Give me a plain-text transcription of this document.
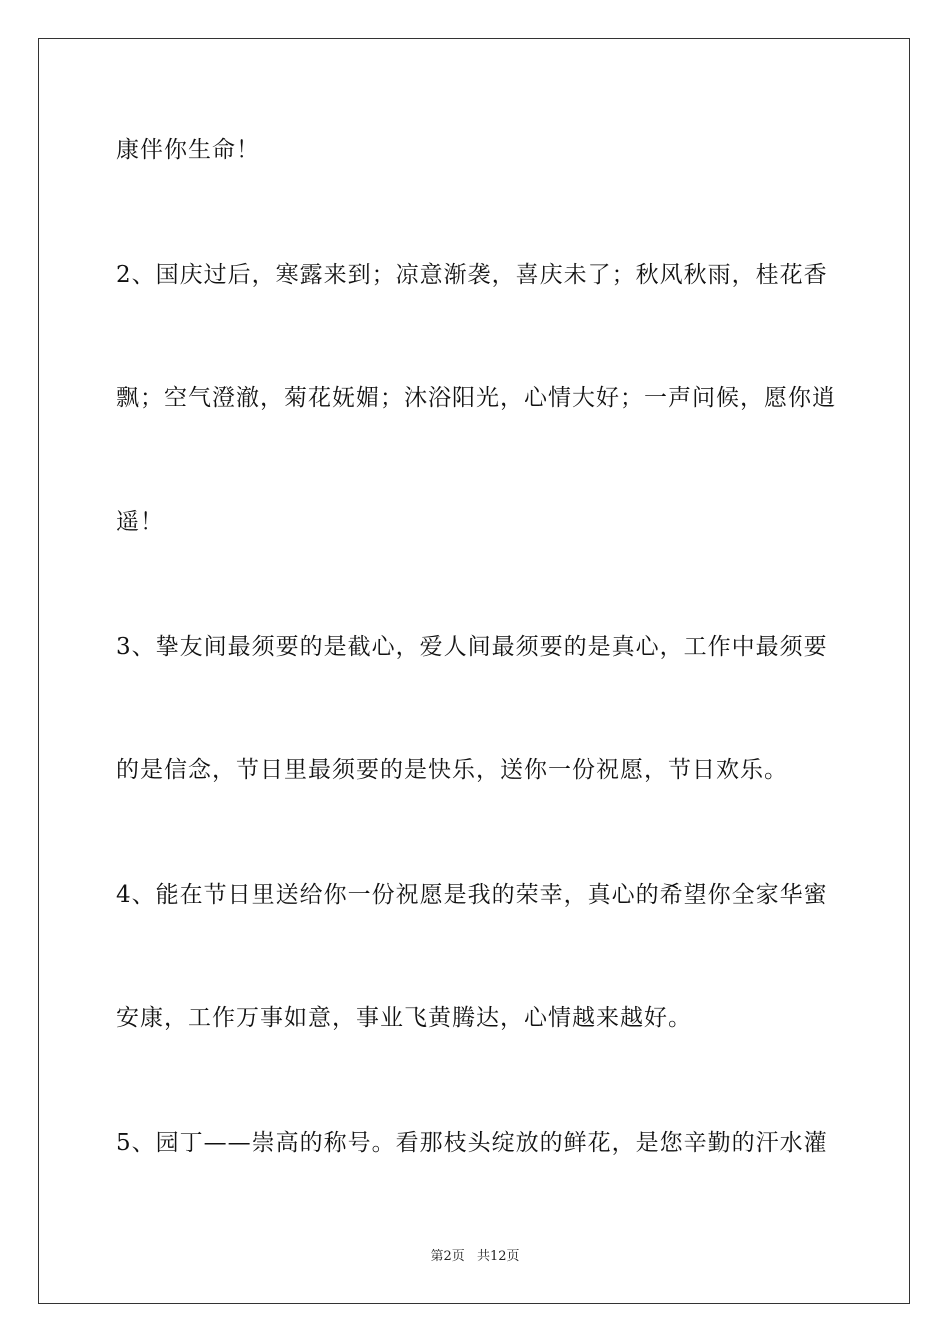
康伴你生命！
2、国庆过后，寒露来到；凉意渐袭，喜庆未了；秋风秋雨，桂花香
飘；空气澄澈，菊花妩媚；沐浴阳光，心情大好；一声问候，愿你逍
遥！
3、挚友间最须要的是截心，爱人间最须要的是真心，工作中最须要
的是信念，节日里最须要的是快乐，送你一份祝愿，节日欢乐。
4、能在节日里送给你一份祝愿是我的荣幸，真心的希望你全家华蜜
安康，工作万事如意，事业飞黄腾达，心情越来越好。
5、园丁——崇高的称号。看那枝头绽放的鲜花，是您辛勤的汗水灌
第2页 共12页
